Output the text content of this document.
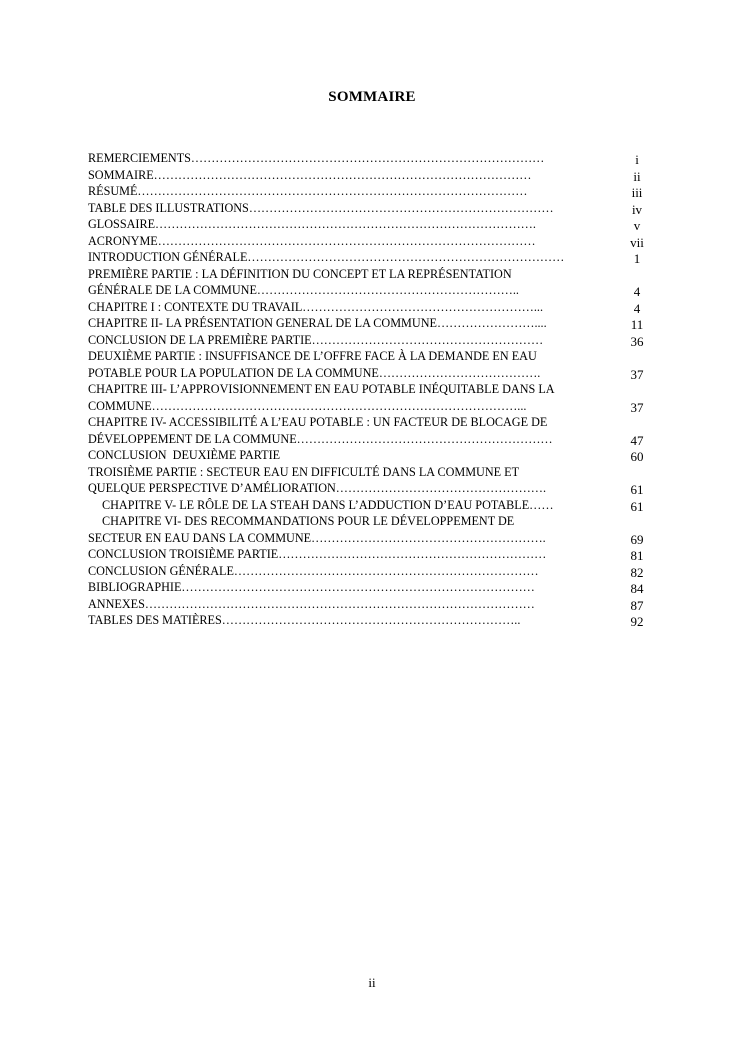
SOMMAIRE
REMERCIEMENTS……………………………………………………………………………	i
SOMMAIRE…………………………………………………………………………………	ii
RÉSUMÉ……………………………………………………………………………………	iii
TABLE DES ILLUSTRATIONS…………………………………………………………………	iv
GLOSSAIRE………………………………………………………………………………….	v
ACRONYME…………………………………………………………………………………	vii
INTRODUCTION GÉNÉRALE……………………………………………………………………	1
PREMIÈRE PARTIE : LA DÉFINITION DU CONCEPT ET LA REPRÉSENTATION
GÉNÉRALE DE LA COMMUNE………………………………………………………..	4
CHAPITRE I : CONTEXTE DU TRAVAIL…………………………………………………...	4
CHAPITRE II- LA PRÉSENTATION GENERAL DE LA COMMUNE……………………....	11
CONCLUSION DE LA PREMIÈRE PARTIE…………………………………………………	36
DEUXIÈME PARTIE : INSUFFISANCE DE L’OFFRE FACE À LA DEMANDE EN EAU
POTABLE POUR LA POPULATION DE LA COMMUNE………………………………….	37
CHAPITRE III- L’APPROVISIONNEMENT EN EAU POTABLE INÉQUITABLE DANS LA
COMMUNE………………………………………………………………………………...	37
CHAPITRE IV- ACCESSIBILITÉ A L’EAU POTABLE : UN FACTEUR DE BLOCAGE DE
DÉVELOPPEMENT DE LA COMMUNE………………………………………………………	47
CONCLUSION  DEUXIÈME PARTIE	60
TROISIÈME PARTIE : SECTEUR EAU EN DIFFICULTÉ DANS LA COMMUNE ET
QUELQUE PERSPECTIVE D’AMÉLIORATION…………………………………………….	61
CHAPITRE V- LE RÔLE DE LA STEAH DANS L’ADDUCTION D’EAU POTABLE……	61
CHAPITRE VI- DES RECOMMANDATIONS POUR LE DÉVELOPPEMENT DE
SECTEUR EN EAU DANS LA COMMUNE………………………………………………….	69
CONCLUSION TROISIÈME PARTIE…………………………………………………………	81
CONCLUSION GÉNÉRALE…………………………………………………………………	82
BIBLIOGRAPHIE……………………………………………………………………………	84
ANNEXES……………………………………………………………………………………	87
TABLES DES MATIÈRES………………………………………………………………..	92
ii
